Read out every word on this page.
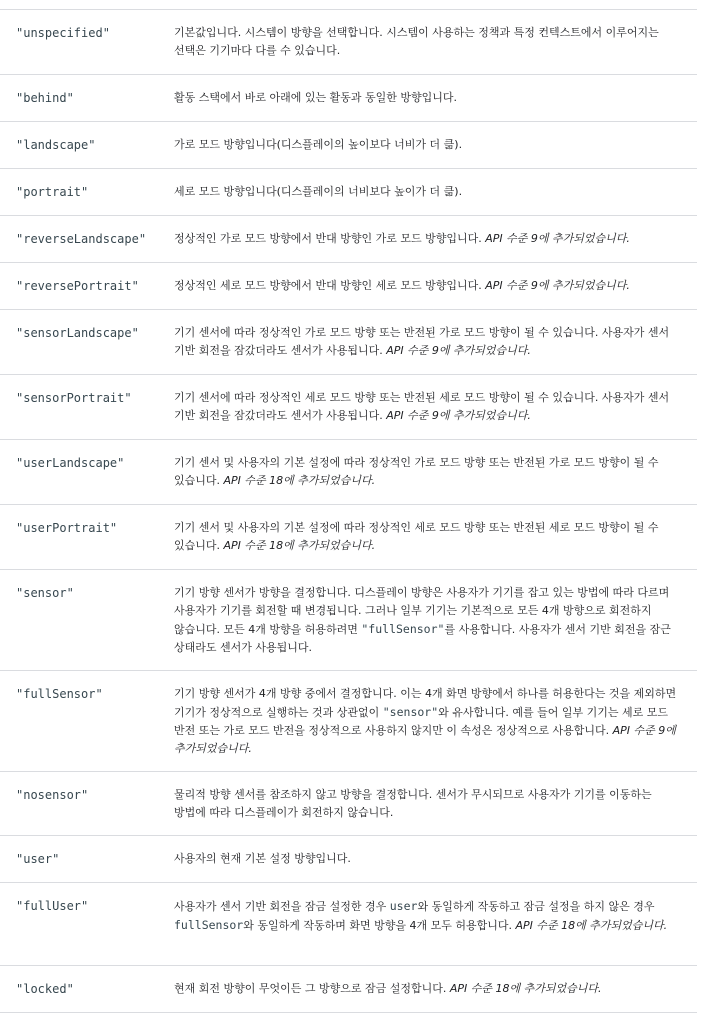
"unspecified"	기본값입니다. 시스템이 방향을 선택합니다. 시스템이 사용하는 정책과 특정 컨텍스트에서 이루어지는 선택은 기기마다 다를 수 있습니다.
"behind"	활동 스택에서 바로 아래에 있는 활동과 동일한 방향입니다.
"landscape"	가로 모드 방향입니다(디스플레이의 높이보다 너비가 더 큶).
"portrait"	세로 모드 방향입니다(디스플레이의 너비보다 높이가 더 큶).
"reverseLandscape"	정상적인 가로 모드 방향에서 반대 방향인 가로 모드 방향입니다. API 수준 9에 추가되었습니다.
"reversePortrait"	정상적인 세로 모드 방향에서 반대 방향인 세로 모드 방향입니다. API 수준 9에 추가되었습니다.
"sensorLandscape"	기기 센서에 따라 정상적인 가로 모드 방향 또는 반전된 가로 모드 방향이 될 수 있습니다. 사용자가 센서 기반 회전을 잠갔더라도 센서가 사용됩니다. API 수준 9에 추가되었습니다.
"sensorPortrait"	기기 센서에 따라 정상적인 세로 모드 방향 또는 반전된 세로 모드 방향이 될 수 있습니다. 사용자가 센서 기반 회전을 잠갔더라도 센서가 사용됩니다. API 수준 9에 추가되었습니다.
"userLandscape"	기기 센서 및 사용자의 기본 설정에 따라 정상적인 가로 모드 방향 또는 반전된 가로 모드 방향이 될 수 있습니다. API 수준 18에 추가되었습니다.
"userPortrait"	기기 센서 및 사용자의 기본 설정에 따라 정상적인 세로 모드 방향 또는 반전된 세로 모드 방향이 될 수 있습니다. API 수준 18에 추가되었습니다.
"sensor"	기기 방향 센서가 방향을 결정합니다. 디스플레이 방향은 사용자가 기기를 잡고 있는 방법에 따라 다르며 사용자가 기기를 회전할 때 변경됩니다. 그러나 일부 기기는 기본적으로 모든 4개 방향으로 회전하지 않습니다. 모든 4개 방향을 허용하려면 "fullSensor"를 사용합니다. 사용자가 센서 기반 회전을 잠근 상태라도 센서가 사용됩니다.
"fullSensor"	기기 방향 센서가 4개 방향 중에서 결정합니다. 이는 4개 화면 방향에서 하나를 허용한다는 것을 제외하면 기기가 정상적으로 실행하는 것과 상관없이 "sensor"와 유사합니다. 예를 들어 일부 기기는 세로 모드 반전 또는 가로 모드 반전을 정상적으로 사용하지 않지만 이 속성은 정상적으로 사용합니다. API 수준 9에 추가되었습니다.
"nosensor"	물리적 방향 센서를 참조하지 않고 방향을 결정합니다. 센서가 무시되므로 사용자가 기기를 이동하는 방법에 따라 디스플레이가 회전하지 않습니다.
"user"	사용자의 현재 기본 설정 방향입니다.
"fullUser"	사용자가 센서 기반 회전을 잠금 설정한 경우 user와 동일하게 작동하고 잠금 설정을 하지 않은 경우 fullSensor와 동일하게 작동하며 화면 방향을 4개 모두 허용합니다. API 수준 18에 추가되었습니다.
"locked"	현재 회전 방향이 무엇이든 그 방향으로 잠금 설정합니다. API 수준 18에 추가되었습니다.
